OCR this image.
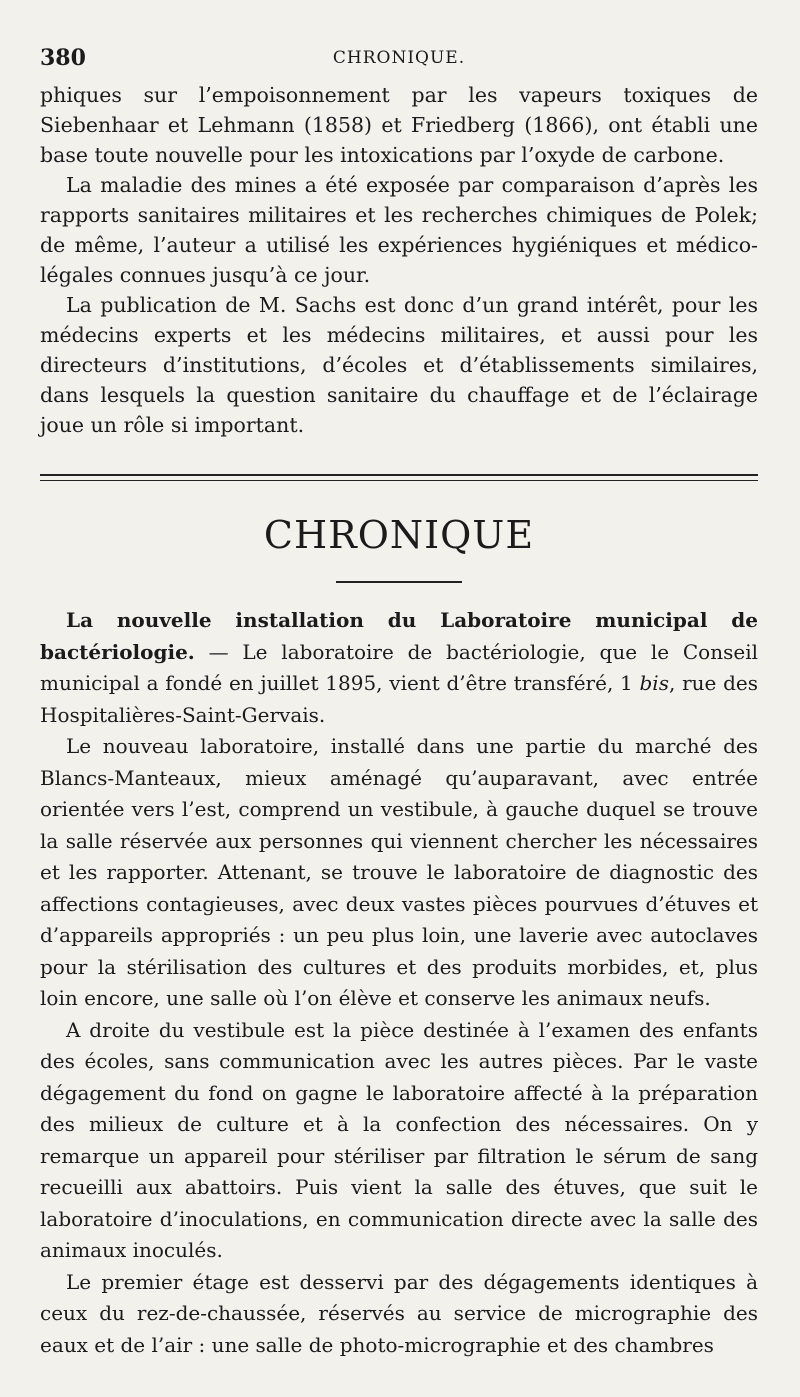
380	CHRONIQUE.

phiques sur l’empoisonnement par les vapeurs toxiques de Siebenhaar et Lehmann (1858) et Friedberg (1866), ont établi une base toute nouvelle pour les intoxications par l’oxyde de carbone.

La maladie des mines a été exposée par comparaison d’après les rapports sanitaires militaires et les recherches chimiques de Polek; de même, l’auteur a utilisé les expériences hygiéniques et médico-légales connues jusqu’à ce jour.

La publication de M. Sachs est donc d’un grand intérêt, pour les médecins experts et les médecins militaires, et aussi pour les directeurs d’institutions, d’écoles et d’établissements similaires, dans lesquels la question sanitaire du chauffage et de l’éclairage joue un rôle si important.

CHRONIQUE

La nouvelle installation du Laboratoire municipal de bactériologie. — Le laboratoire de bactériologie, que le Conseil municipal a fondé en juillet 1895, vient d’être transféré, 1 bis, rue des Hospitalières-Saint-Gervais.

Le nouveau laboratoire, installé dans une partie du marché des Blancs-Manteaux, mieux aménagé qu’auparavant, avec entrée orientée vers l’est, comprend un vestibule, à gauche duquel se trouve la salle réservée aux personnes qui viennent chercher les nécessaires et les rapporter. Attenant, se trouve le laboratoire de diagnostic des affections contagieuses, avec deux vastes pièces pourvues d’étuves et d’appareils appropriés : un peu plus loin, une laverie avec autoclaves pour la stérilisation des cultures et des produits morbides, et, plus loin encore, une salle où l’on élève et conserve les animaux neufs.

A droite du vestibule est la pièce destinée à l’examen des enfants des écoles, sans communication avec les autres pièces. Par le vaste dégagement du fond on gagne le laboratoire affecté à la préparation des milieux de culture et à la confection des nécessaires. On y remarque un appareil pour stériliser par filtration le sérum de sang recueilli aux abattoirs. Puis vient la salle des étuves, que suit le laboratoire d’inoculations, en communication directe avec la salle des animaux inoculés.

Le premier étage est desservi par des dégagements identiques à ceux du rez-de-chaussée, réservés au service de micrographie des eaux et de l’air : une salle de photo-micrographie et des chambres
